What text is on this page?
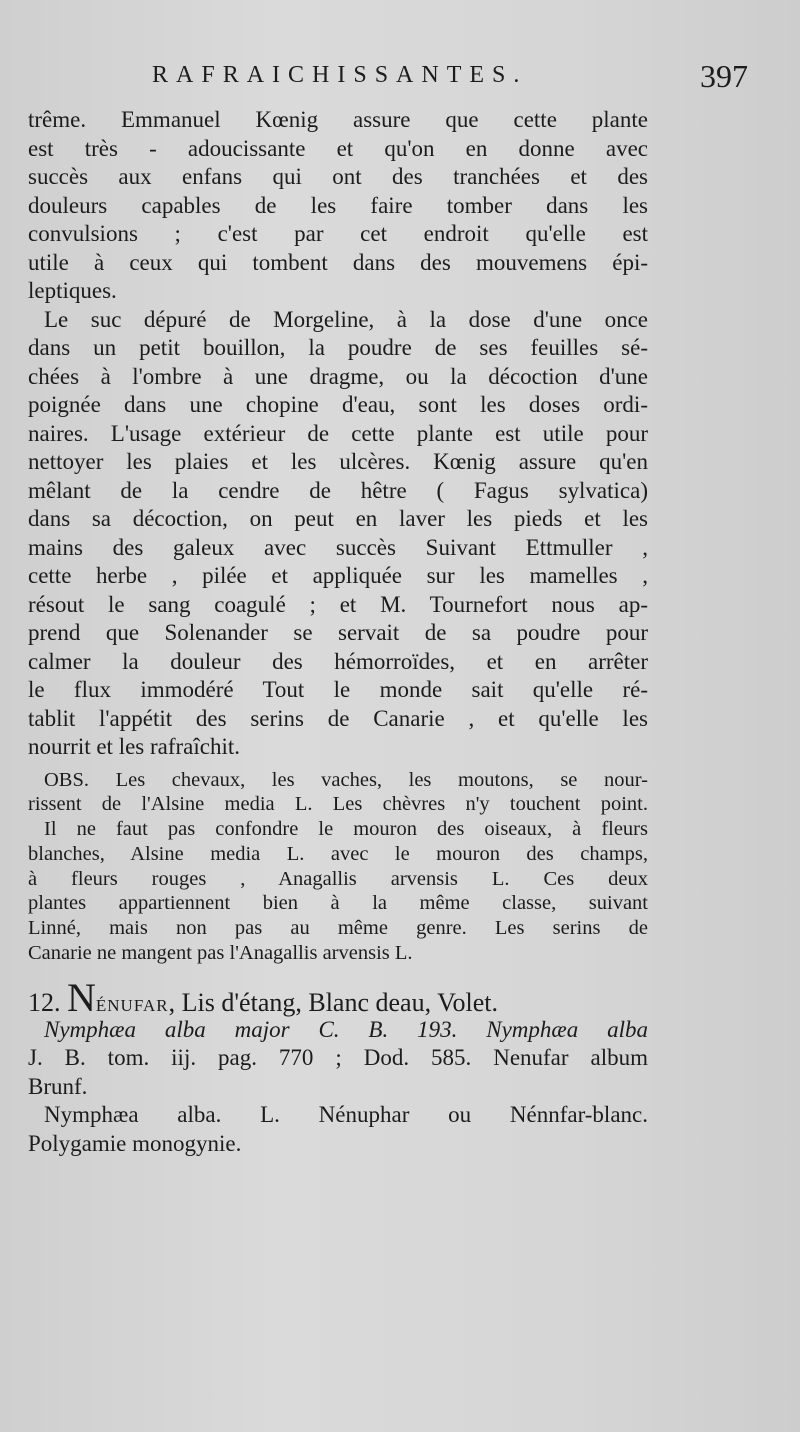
RAFRAICHISSANTES.	397
trême. Emmanuel Kœnig assure que cette plante
est très - adoucissante et qu'on en donne avec
succès aux enfans qui ont des tranchées et des
douleurs capables de les faire tomber dans les
convulsions ; c'est par cet endroit qu'elle est
utile à ceux qui tombent dans des mouvemens épi-
leptiques.
Le suc dépuré de Morgeline, à la dose d'une once
dans un petit bouillon, la poudre de ses feuilles sé-
chées à l'ombre à une dragme, ou la décoction d'une
poignée dans une chopine d'eau, sont les doses ordi-
naires. L'usage extérieur de cette plante est utile pour
nettoyer les plaies et les ulcères. Kœnig assure qu'en
mêlant de la cendre de hêtre ( Fagus sylvatica)
dans sa décoction, on peut en laver les pieds et les
mains des galeux avec succès Suivant Ettmuller ,
cette herbe , pilée et appliquée sur les mamelles ,
résout le sang coagulé ; et M. Tournefort nous ap-
prend que Solenander se servait de sa poudre pour
calmer la douleur des hémorroïdes, et en arrêter
le flux immodéré Tout le monde sait qu'elle ré-
tablit l'appétit des serins de Canarie , et qu'elle les
nourrit et les rafraîchit.
OBS. Les chevaux, les vaches, les moutons, se nour-
rissent de l'Alsine media L. Les chèvres n'y touchent point.
Il ne faut pas confondre le mouron des oiseaux, à fleurs
blanches, Alsine media L. avec le mouron des champs,
à fleurs rouges , Anagallis arvensis L. Ces deux
plantes appartiennent bien à la même classe, suivant
Linné, mais non pas au même genre. Les serins de
Canarie ne mangent pas l'Anagallis arvensis L.
12. NÉNUFAR, Lis d'étang, Blanc deau, Volet.
Nymphæa alba major C. B. 193. Nymphæa alba
J. B. tom. iij. pag. 770 ; Dod. 585. Nenufar album
Brunf.
Nymphæa alba. L. Nénuphar ou Nénnfar-blanc.
Polygamie monogynie.
